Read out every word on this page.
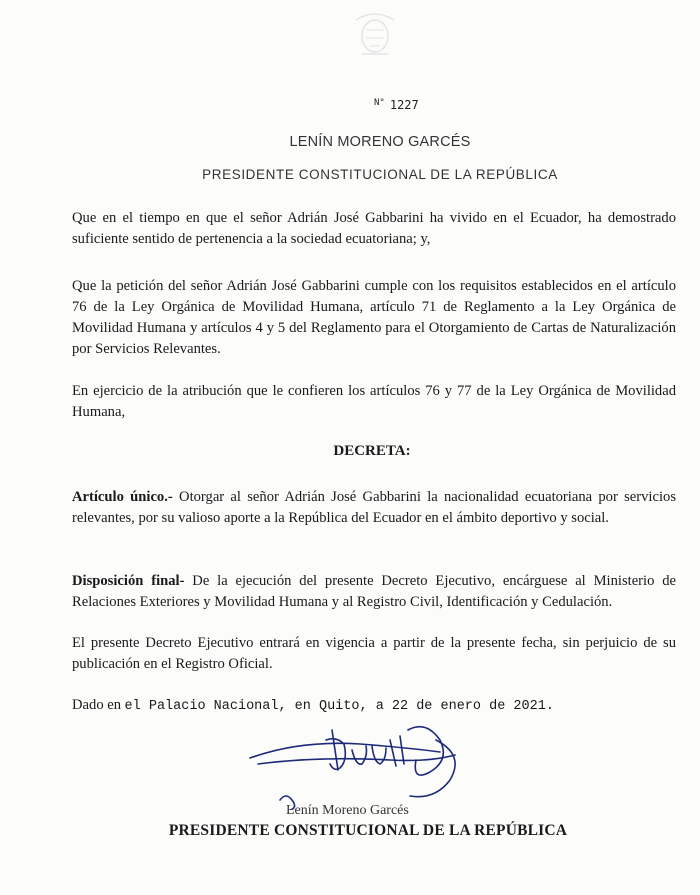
$^{N^\circ}$ 1227
LENÍN MORENO GARCÉS
PRESIDENTE CONSTITUCIONAL DE LA REPÚBLICA
Que en el tiempo en que el señor Adrián José Gabbarini ha vivido en el Ecuador, ha demostrado suficiente sentido de pertenencia a la sociedad ecuatoriana; y,
Que la petición del señor Adrián José Gabbarini cumple con los requisitos establecidos en el artículo 76 de la Ley Orgánica de Movilidad Humana, artículo 71 de Reglamento a la Ley Orgánica de Movilidad Humana y artículos 4 y 5 del Reglamento para el Otorgamiento de Cartas de Naturalización por Servicios Relevantes.
En ejercicio de la atribución que le confieren los artículos 76 y 77 de la Ley Orgánica de Movilidad Humana,
DECRETA:
Artículo único.- Otorgar al señor Adrián José Gabbarini la nacionalidad ecuatoriana por servicios relevantes, por su valioso aporte a la República del Ecuador en el ámbito deportivo y social.
Disposición final- De la ejecución del presente Decreto Ejecutivo, encárguese al Ministerio de Relaciones Exteriores y Movilidad Humana y al Registro Civil, Identificación y Cedulación.
El presente Decreto Ejecutivo entrará en vigencia a partir de la presente fecha, sin perjuicio de su publicación en el Registro Oficial.
Dado en el Palacio Nacional, en Quito, a 22 de enero de 2021.
Lenín Moreno Garcés
PRESIDENTE CONSTITUCIONAL DE LA REPÚBLICA
